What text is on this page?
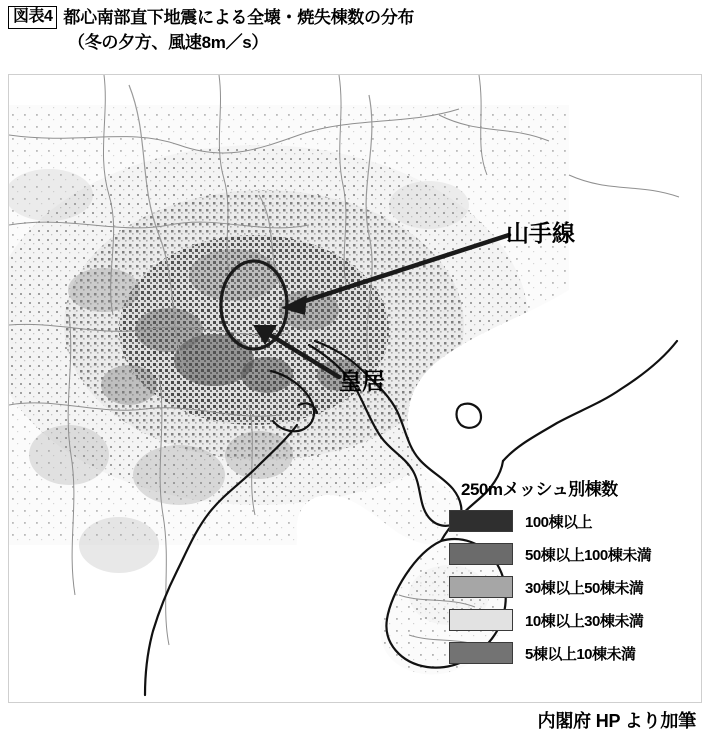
図表4 都心南部直下地震による全壊・焼失棟数の分布
（冬の夕方、風速8m／s）
山手線
皇居
250mメッシュ別棟数
100棟以上
50棟以上100棟未満
30棟以上50棟未満
10棟以上30棟未満
5棟以上10棟未満
内閣府 HP より加筆
